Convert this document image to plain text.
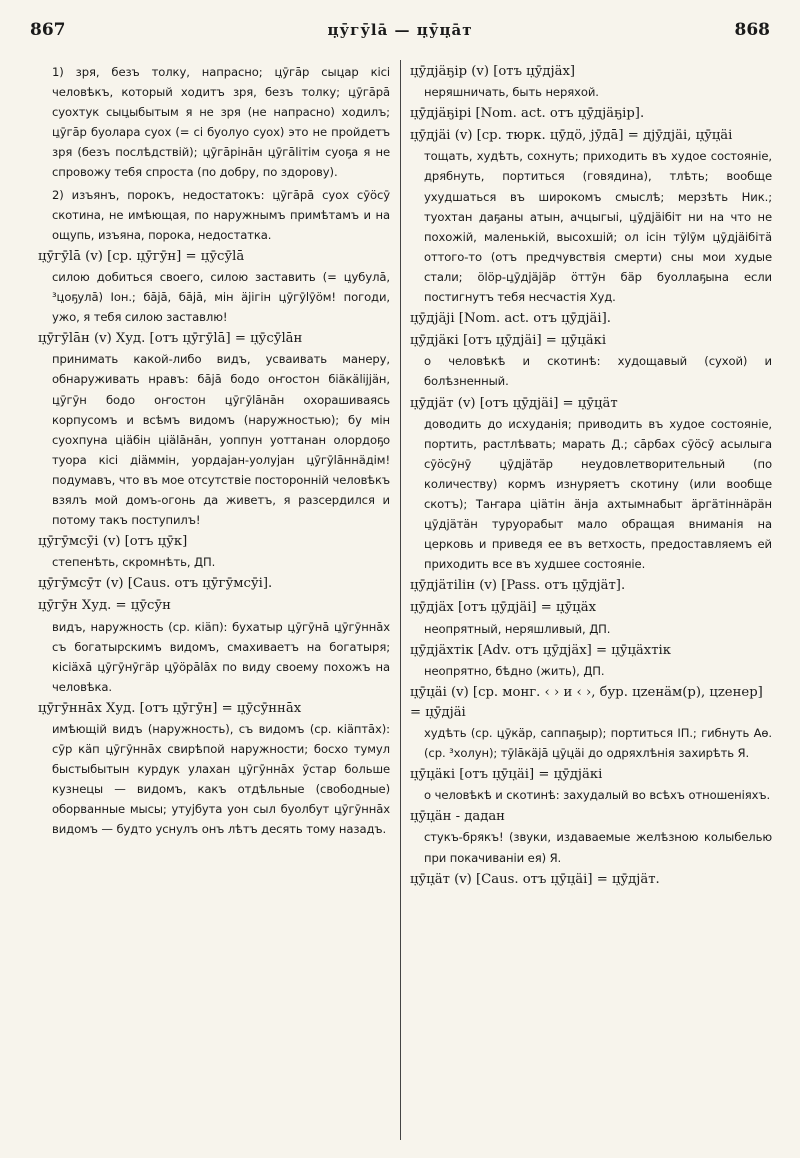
867	ц̣ӯгӯlā — ц̣ӯц̣āт	868
1) зря, безъ толку, напрасно; ц̣ӯгāр сыц̣ар кісі человѣкъ, который ходитъ зря, безъ толку; ц̣ӯгāрā суохтук сыц̣ыбытым я не зря (не напрасно) ходилъ; ц̣ӯгāр буолара суох (= сі буолуо суох) это не пройдетъ зря (безъ послѣдствій); ц̣ӯгāрінāн ц̣ӯгālітім суоҕа я не спровожу тебя спроста (по добру, по здорову).
2) изъянъ, порокъ, недостатокъ: ц̣ӯгāрā суох сӯöсӯ скотина, не имѣющая, по наружнымъ примѣтамъ и на ощупь, изъяна, порока, недостатка.
ц̣ӯгӯlā (v) [ср. ц̣ӯгӯн] = ц̣ӯсӯlā
силою добиться своего, силою заставить (= ц̣убулā, ³ц̣оҕулā) Іон.; бājā, бājā, мін äjiгін ц̣ӯгӯlӯöм! погоди, ужо, я тебя силою заставлю!
ц̣ӯгӯlāн (v) Худ. [отъ ц̣ӯгӯlā] = ц̣ӯсӯlāн
принимать какой-либо видъ, усваивать манеру, обнаруживать нравъ: бājā бодо оҥостон біäкälijjäн, ц̣ӯгӯн бодо оҥостон ц̣ӯгӯlāнāн охорашиваясь корпусомъ и всѣмъ видомъ (наружностью); бу мін суохпуна ціäбін ціälāнāн, уоппун уоттанан олордоҕо туора кісі діäммін, уордаjан-уолуjан ц̣ӯгӯlāннäдім! подумавъ, что въ мое отсутствіе посторонній человѣкъ взялъ мой домъ-огонь да живетъ, я разсердился и потому такъ поступилъ!
ц̣ӯгӯмсӯі (v) [отъ ц̣ӯк]
степенѣть, скромнѣть, ДП.
ц̣ӯгӯмсӯт (v) [Caus. отъ ц̣ӯгӯмсӯі].
ц̣ӯгӯн Худ. = ц̣ӯсӯн
видъ, наружность (ср. кіäп): бухатыр ц̣ӯгӯнā ц̣ӯгӯннāх съ богатырскимъ видомъ, смахиваетъ на богатыря; кісіäхā ц̣ӯгӯнӯгäр ц̣ӯöрālāх по виду своему похожъ на человѣка.
ц̣ӯгӯннāх Худ. [отъ ц̣ӯгӯн] = ц̣ӯсӯннāх
имѣющій видъ (наружность), съ видомъ (ср. кіäптāх): сӯр кäп ц̣ӯгӯннāх свирѣпой наружности; босхо тумул быстыбытын курдук улахан ц̣ӯгӯннāх ӯстар больше кузнецы — видомъ, какъ отдѣльные (свободные) оборванные мысы; утуjбута уон сыл буолбут ц̣ӯгӯннāх видомъ — будто уснулъ онъ лѣтъ десять тому назадъ.
ц̣ӯдjäҕір (v) [отъ ц̣ӯдjäх]
неряшничать, быть неряхой.
ц̣ӯдjäҕірі [Nom. act. отъ ц̣ӯдjäҕір].
ц̣ӯдjäі (v) [ср. тюрк. цӯдӧ, jӯдā] = дjӯдjäі, ц̣ӯц̣äі
тощать, худѣть, сохнуть; приходить въ худое состояніе, дрябнуть, портиться (говядина), тлѣть; вообще ухудшаться въ широкомъ смыслѣ; мерзѣть Ник.; туохтан даҕаны атын, ачцыгыі, ц̣ӯдjäібіт ни на что не похожій, маленькій, высохшій; ол ісін тӯlӯм ц̣ӯдjäібітä оттого-то (отъ предчувствія смерти) сны мои худые стали; ölöр-ц̣ӯдjäjäр öттӯн бäр буоллаҕына если постигнутъ тебя несчастія Худ.
ц̣ӯдjäjі [Nom. act. отъ ц̣ӯдjäі].
ц̣ӯдjäкі [отъ ц̣ӯдjäі] = ц̣ӯц̣äкі
о человѣкѣ и скотинѣ: худощавый (сухой) и болѣзненный.
ц̣ӯдjäт (v) [отъ ц̣ӯдjäі] = ц̣ӯц̣äт
доводить до исхуданія; приводить въ худое состояніе, портить, растлѣвать; марать Д.; сāрбах сӯöсӯ асылыга сӯöсӯнӯ ц̣ӯдjäтäр неудовлетворительный (по количеству) кормъ изнуряетъ скотину (или вообще скотъ); Таҥара ціäтін äнjа ахтымнабыт äргäтіннäрäн ц̣ӯдjäтäн туруорабыт мало обращая вниманія на церковь и приведя ее въ ветхость, предоставляемъ ей приходить все въ худшее состояніе.
ц̣ӯдjäтіlін (v) [Pass. отъ ц̣ӯдjäт].
ц̣ӯдjäх [отъ ц̣ӯдjäі] = ц̣ӯц̣äх
неопрятный, неряшливый, ДП.
ц̣ӯдjäхтік [Adv. отъ ц̣ӯдjäх] = ц̣ӯц̣äхтік
неопрятно, бѣдно (жить), ДП.
ц̣ӯц̣äі (v) [ср. монг. ‹ › и ‹ ›, бур. цzенäм(р), цzенер] = ц̣ӯдjäі
худѣть (ср. ц̣ӯкäр, саппаҕыр); портиться ІП.; гибнуть Аѳ. (ср. ³холун); тӯlāкäjā ц̣ӯц̣äі до одряхлѣнія захирѣть Я.
ц̣ӯц̣äкі [отъ ц̣ӯц̣äі] = ц̣ӯдjäкі
о человѣкѣ и скотинѣ: захудалый во всѣхъ отношеніяхъ.
ц̣ӯц̣äн - дадан
стукъ-брякъ! (звуки, издаваемые желѣзною колыбелью при покачиваніи ея) Я.
ц̣ӯц̣äт (v) [Caus. отъ ц̣ӯц̣äі] = ц̣ӯдjäт.
